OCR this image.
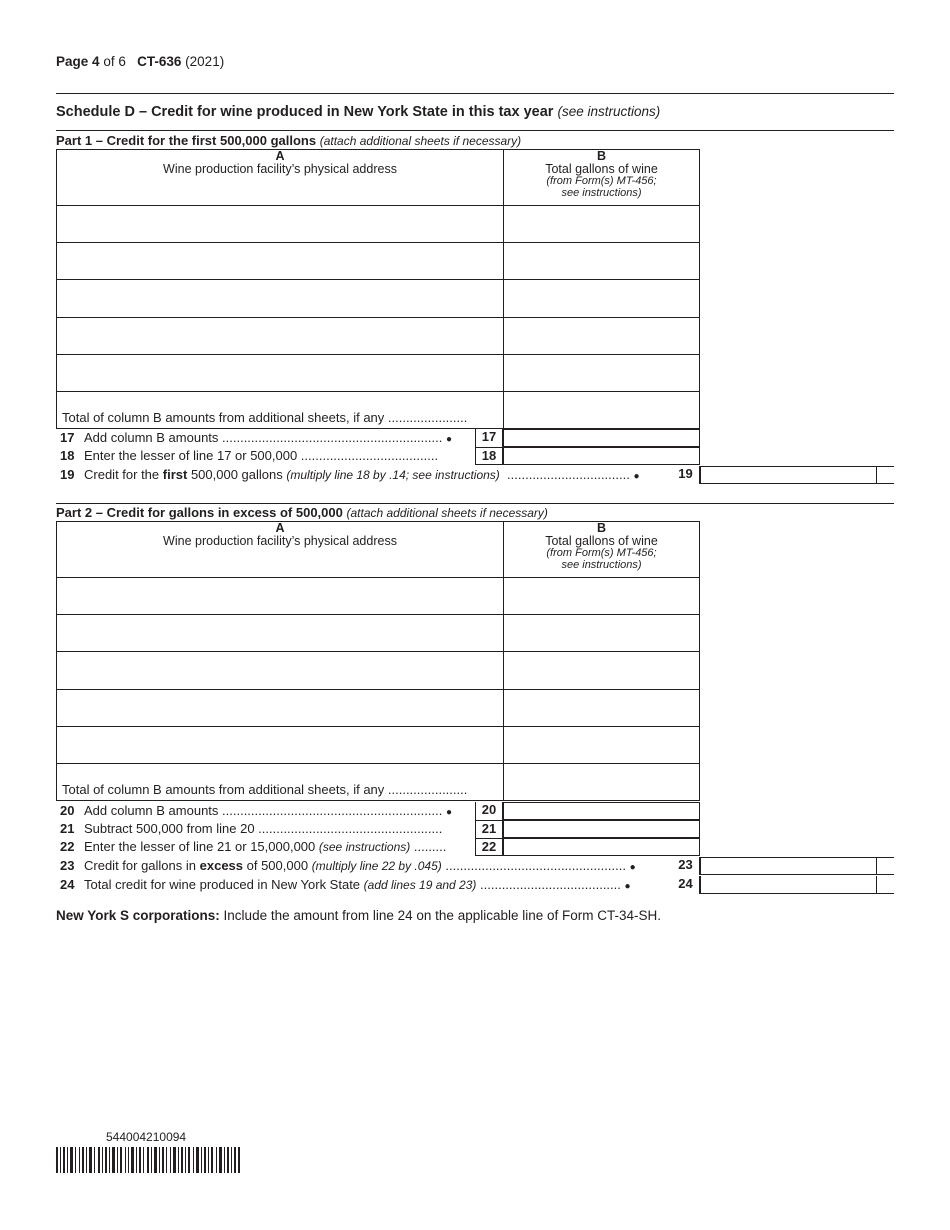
Page 4 of 6 CT-636 (2021)
Schedule D – Credit for wine produced in New York State in this tax year (see instructions)
Part 1 – Credit for the first 500,000 gallons (attach additional sheets if necessary)
A
Wine production facility’s physical address
B
Total gallons of wine
(from Form(s) MT-456;
see instructions)
Total of column B amounts from additional sheets, if any ......................
17 Add column B amounts ............................................................. ●	17
18 Enter the lesser of line 17 or 500,000 ......................................	18
19 Credit for the first 500,000 gallons (multiply line 18 by .14; see instructions) .................................. ●	19
Part 2 – Credit for gallons in excess of 500,000 (attach additional sheets if necessary)
A
Wine production facility’s physical address
B
Total gallons of wine
(from Form(s) MT-456;
see instructions)
Total of column B amounts from additional sheets, if any ......................
20 Add column B amounts ............................................................. ●	20
21 Subtract 500,000 from line 20 ...................................................	21
22 Enter the lesser of line 21 or 15,000,000 (see instructions) .........	22
23 Credit for gallons in excess of 500,000 (multiply line 22 by .045) .................................................. ●	23
24 Total credit for wine produced in New York State (add lines 19 and 23) ....................................... ●	24
New York S corporations: Include the amount from line 24 on the applicable line of Form CT-34-SH.
544004210094
